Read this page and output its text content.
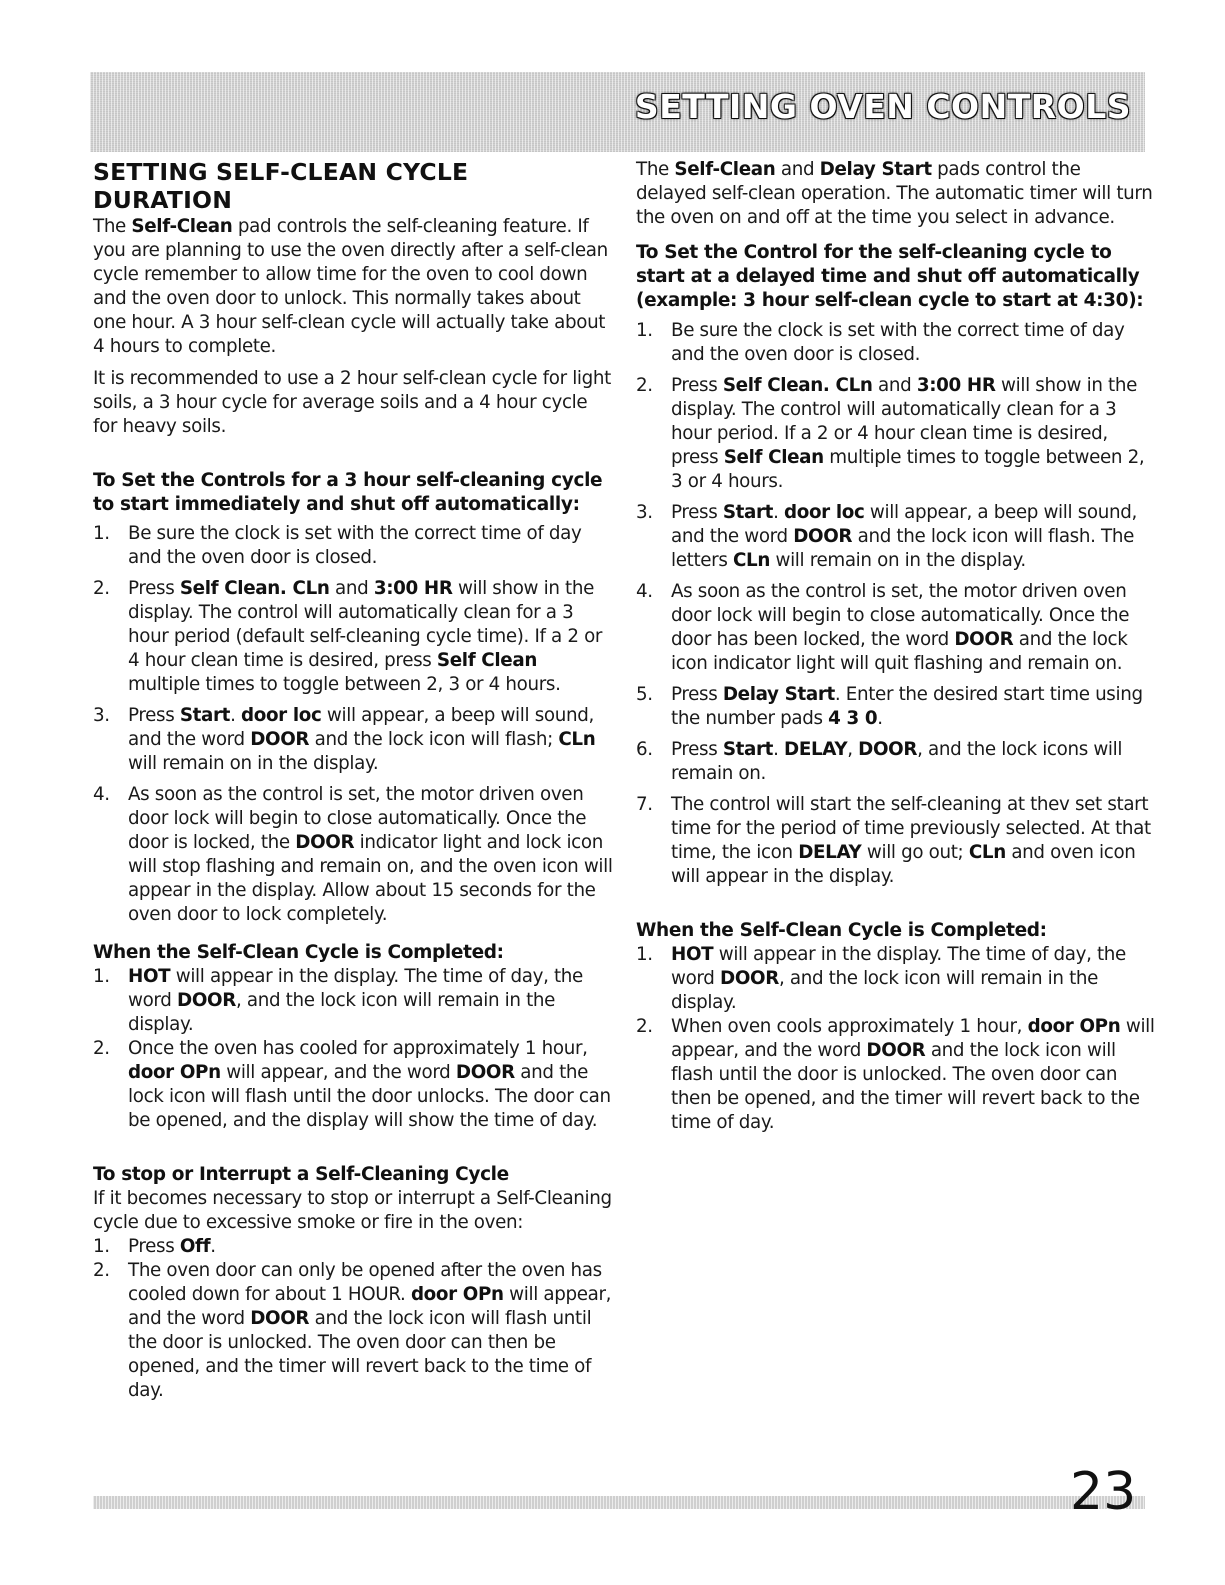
SETTING OVEN CONTROLS
SETTING SELF-CLEAN CYCLE DURATION

The Self-Clean pad controls the self-cleaning feature. If you are planning to use the oven directly after a self-clean cycle remember to allow time for the oven to cool down and the oven door to unlock. This normally takes about one hour. A 3 hour self-clean cycle will actually take about 4 hours to complete.

It is recommended to use a 2 hour self-clean cycle for light soils, a 3 hour cycle for average soils and a 4 hour cycle for heavy soils.

To Set the Controls for a 3 hour self-cleaning cycle to start immediately and shut off automatically:
1. Be sure the clock is set with the correct time of day and the oven door is closed.
2. Press Self Clean. CLn and 3:00 HR will show in the display. The control will automatically clean for a 3 hour period (default self-cleaning cycle time). If a 2 or 4 hour clean time is desired, press Self Clean multiple times to toggle between 2, 3 or 4 hours.
3. Press Start. door loc will appear, a beep will sound, and the word DOOR and the lock icon will flash; CLn will remain on in the display.
4. As soon as the control is set, the motor driven oven door lock will begin to close automatically. Once the door is locked, the DOOR indicator light and lock icon will stop flashing and remain on, and the oven icon will appear in the display. Allow about 15 seconds for the oven door to lock completely.
When the Self-Clean Cycle is Completed:
1. HOT will appear in the display. The time of day, the word DOOR, and the lock icon will remain in the display.
2. Once the oven has cooled for approximately 1 hour, door OPn will appear, and the word DOOR and the lock icon will flash until the door unlocks. The door can be opened, and the display will show the time of day.
To stop or Interrupt a Self-Cleaning Cycle

If it becomes necessary to stop or interrupt a Self-Cleaning cycle due to excessive smoke or fire in the oven:

1. Press Off.
2. The oven door can only be opened after the oven has cooled down for about 1 HOUR. door OPn will appear, and the word DOOR and the lock icon will flash until the door is unlocked. The oven door can then be opened, and the timer will revert back to the time of day.

The Self-Clean and Delay Start pads control the delayed self-clean operation. The automatic timer will turn the oven on and off at the time you select in advance.

To Set the Control for the self-cleaning cycle to start at a delayed time and shut off automatically (example: 3 hour self-clean cycle to start at 4:30):
1. Be sure the clock is set with the correct time of day and the oven door is closed.
2. Press Self Clean. CLn and 3:00 HR will show in the display. The control will automatically clean for a 3 hour period. If a 2 or 4 hour clean time is desired, press Self Clean multiple times to toggle between 2, 3 or 4 hours.
3. Press Start. door loc will appear, a beep will sound, and the word DOOR and the lock icon will flash. The letters CLn will remain on in the display.
4. As soon as the control is set, the motor driven oven door lock will begin to close automatically. Once the door has been locked, the word DOOR and the lock icon indicator light will quit flashing and remain on.
5. Press Delay Start. Enter the desired start time using the number pads 4 3 0.
6. Press Start. DELAY, DOOR, and the lock icons will remain on.
7. The control will start the self-cleaning at thev set start time for the period of time previously selected. At that time, the icon DELAY will go out; CLn and oven icon will appear in the display.
When the Self-Clean Cycle is Completed:
1. HOT will appear in the display. The time of day, the word DOOR, and the lock icon will remain in the display.
2. When oven cools approximately 1 hour, door OPn will appear, and the word DOOR and the lock icon will flash until the door is unlocked. The oven door can then be opened, and the timer will revert back to the time of day.
23
